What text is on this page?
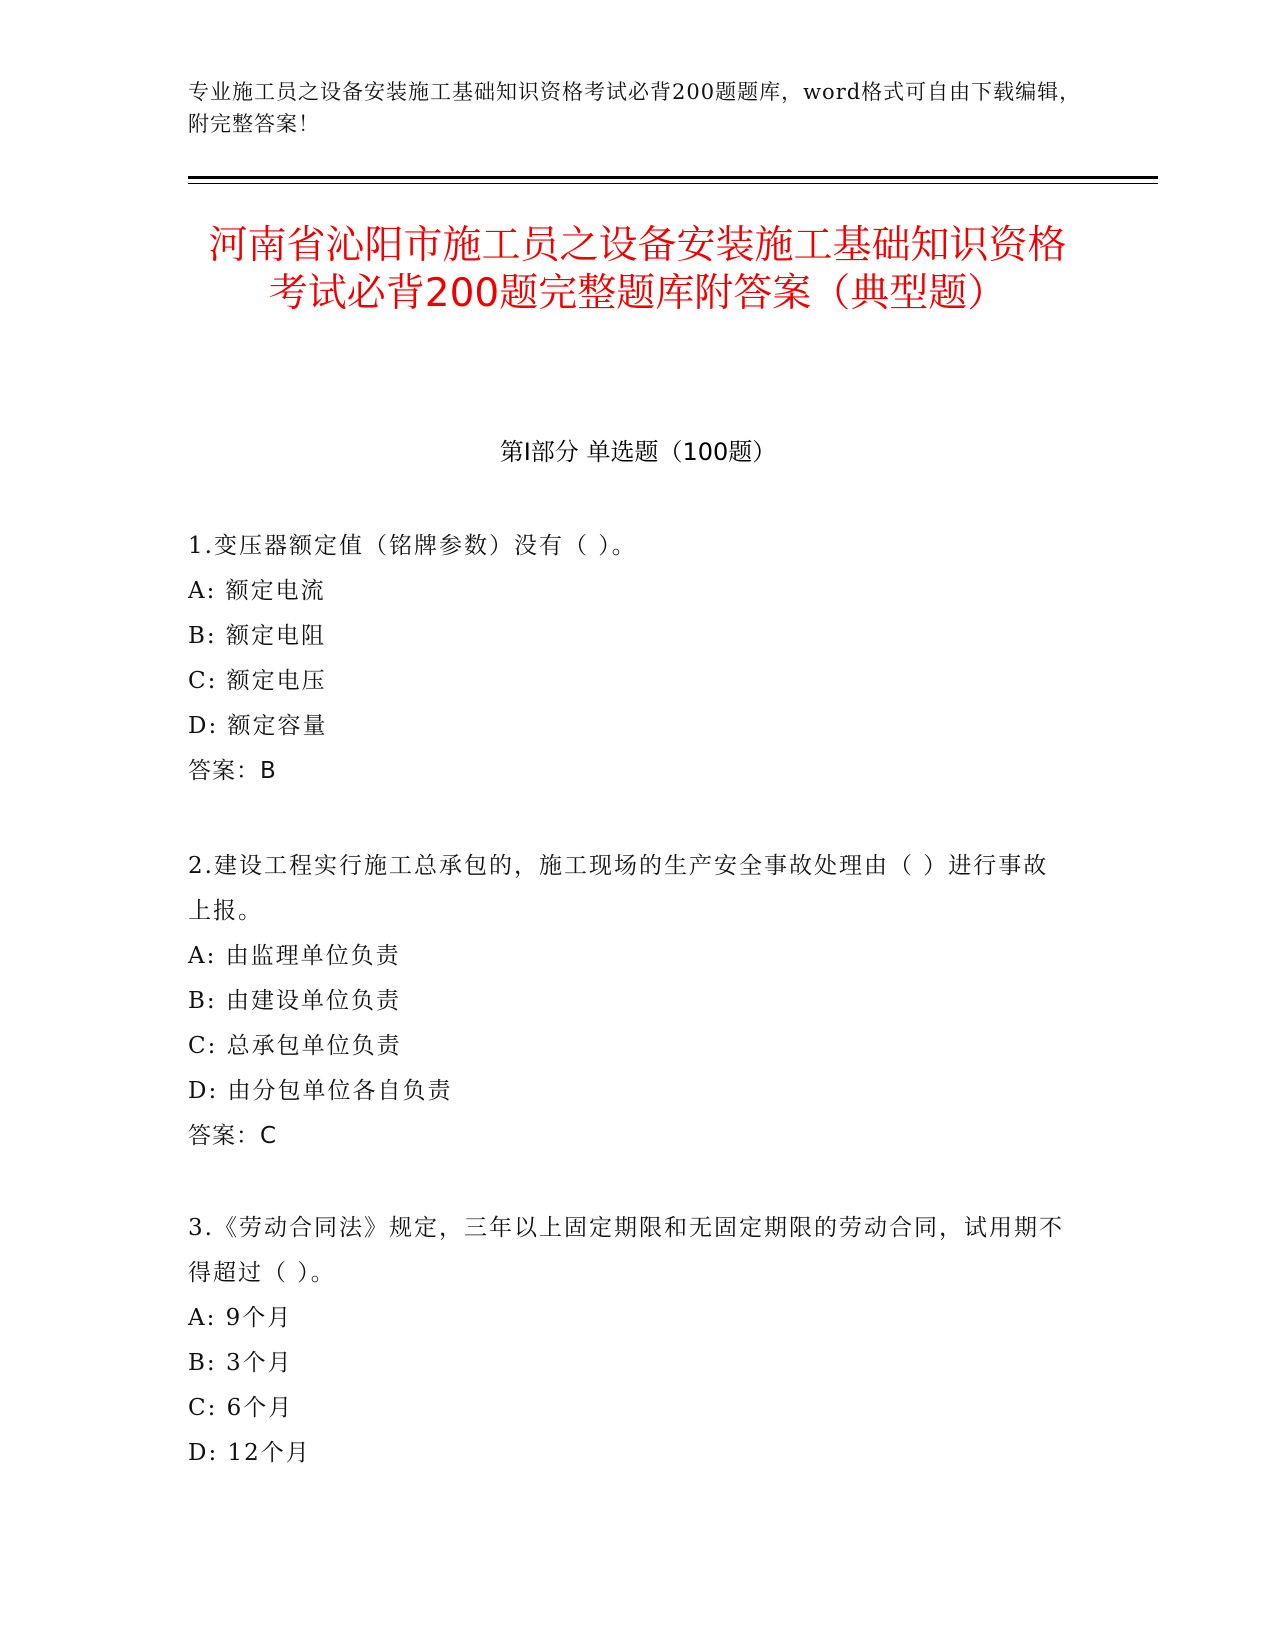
专业施工员之设备安装施工基础知识资格考试必背200题题库，word格式可自由下载编辑，附完整答案！
河南省沁阳市施工员之设备安装施工基础知识资格考试必背200题完整题库附答案（典型题）
第I部分 单选题（100题）
1.变压器额定值（铭牌参数）没有（ ）。
A: 额定电流
B: 额定电阻
C: 额定电压
D: 额定容量
答案：B
2.建设工程实行施工总承包的，施工现场的生产安全事故处理由（ ）进行事故上报。
A: 由监理单位负责
B: 由建设单位负责
C: 总承包单位负责
D: 由分包单位各自负责
答案：C
3.《劳动合同法》规定，三年以上固定期限和无固定期限的劳动合同，试用期不得超过（ ）。
A: 9个月
B: 3个月
C: 6个月
D: 12个月
